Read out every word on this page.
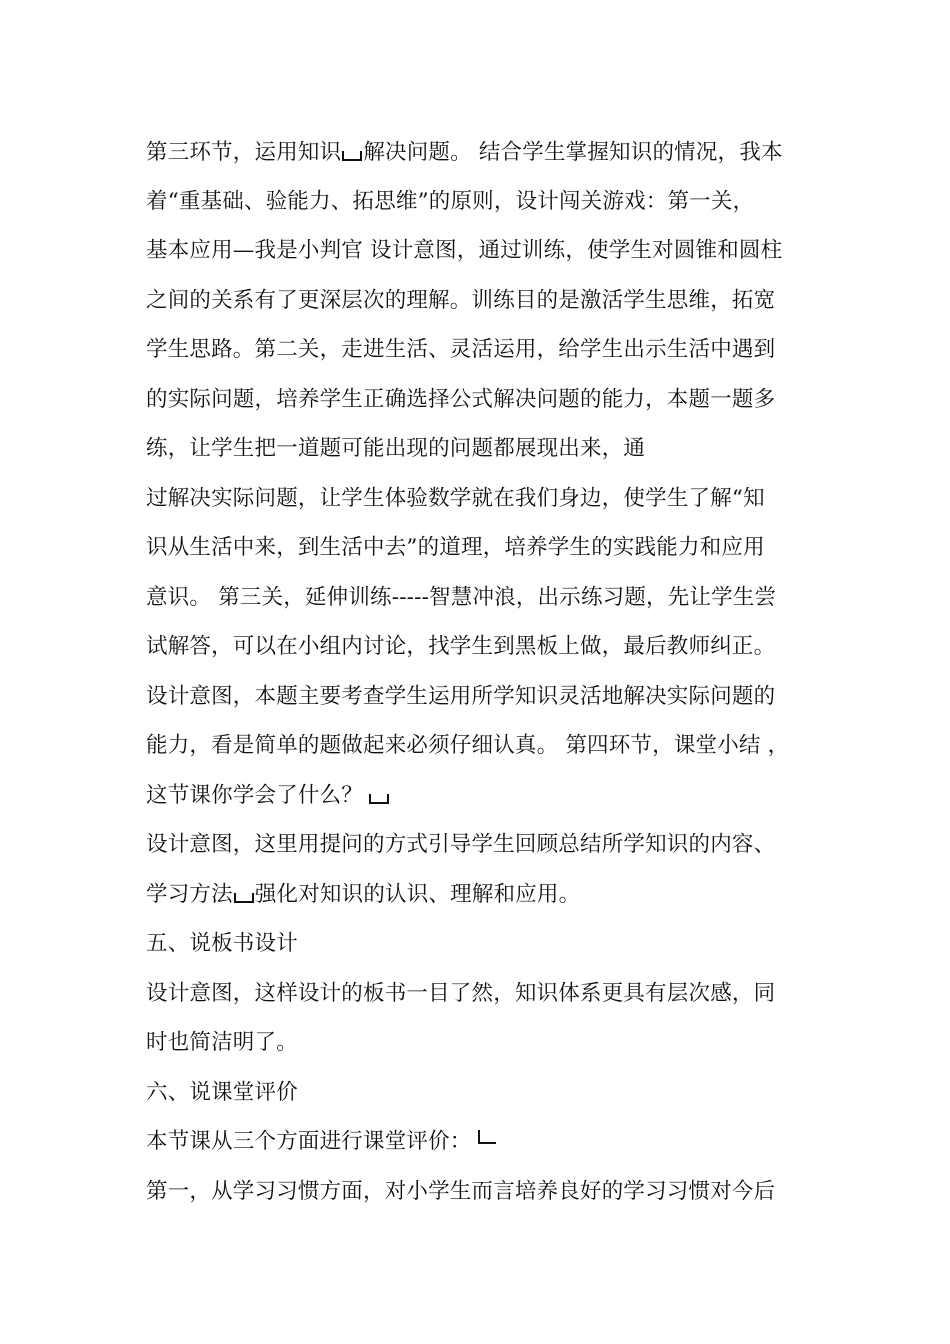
第三环节，运用知识 解决问题。 结合学生掌握知识的情况，我本
着“重基础、验能力、拓思维”的原则，设计闯关游戏：第一关，
基本应用—我是小判官 设计意图，通过训练，使学生对圆锥和圆柱
之间的关系有了更深层次的理解。训练目的是激活学生思维，拓宽
学生思路。第二关，走进生活、灵活运用，给学生出示生活中遇到
的实际问题，培养学生正确选择公式解决问题的能力，本题一题多
练，让学生把一道题可能出现的问题都展现出来，通
过解决实际问题，让学生体验数学就在我们身边，使学生了解“知
识从生活中来，到生活中去”的道理，培养学生的实践能力和应用
意识。 第三关，延伸训练-----智慧冲浪，出示练习题，先让学生尝
试解答，可以在小组内讨论，找学生到黑板上做，最后教师纠正。
设计意图，本题主要考查学生运用所学知识灵活地解决实际问题的
能力，看是简单的题做起来必须仔细认真。 第四环节，课堂小结 ，
这节课你学会了什么？
设计意图，这里用提问的方式引导学生回顾总结所学知识的内容、
学习方法 强化对知识的认识、理解和应用。
五、说板书设计
设计意图，这样设计的板书一目了然，知识体系更具有层次感，同
时也简洁明了。
六、说课堂评价
本节课从三个方面进行课堂评价：
第一，从学习习惯方面，对小学生而言培养良好的学习习惯对今后
